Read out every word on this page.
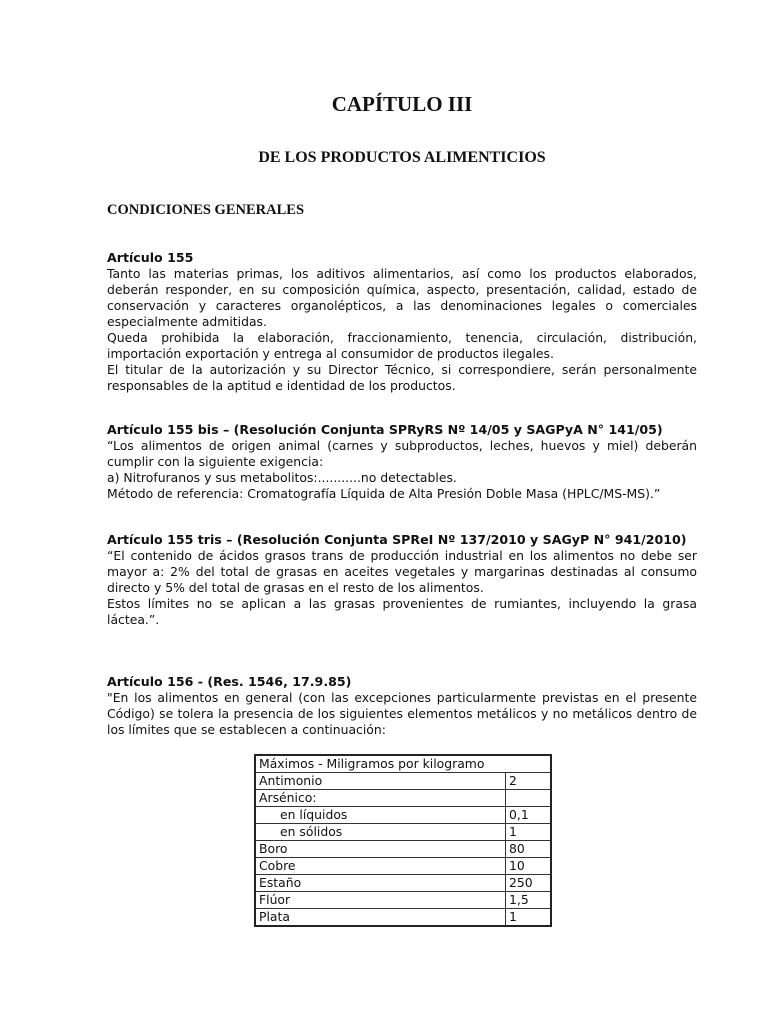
CAPÍTULO III
DE LOS PRODUCTOS ALIMENTICIOS
CONDICIONES GENERALES
Artículo 155

Tanto las materias primas, los aditivos alimentarios, así como los productos elaborados, deberán responder, en su composición química, aspecto, presentación, calidad, estado de conservación y caracteres organolépticos, a las denominaciones legales o comerciales especialmente admitidas.

Queda prohibida la elaboración, fraccionamiento, tenencia, circulación, distribución, importación exportación y entrega al consumidor de productos ilegales.

El titular de la autorización y su Director Técnico, si correspondiere, serán personalmente responsables de la aptitud e identidad de los productos.

Artículo 155 bis – (Resolución Conjunta SPRyRS Nº 14/05 y SAGPyA N° 141/05)

“Los alimentos de origen animal (carnes y subproductos, leches, huevos y miel) deberán cumplir con la siguiente exigencia:

a) Nitrofuranos y sus metabolitos:...........no detectables.

Método de referencia: Cromatografía Líquida de Alta Presión Doble Masa (HPLC/MS-MS).”

Artículo 155 tris – (Resolución Conjunta SPReI Nº 137/2010 y SAGyP N° 941/2010)

“El contenido de ácidos grasos trans de producción industrial en los alimentos no debe ser mayor a: 2% del total de grasas en aceites vegetales y margarinas destinadas al consumo directo y 5% del total de grasas en el resto de los alimentos.

Estos límites no se aplican a las grasas provenientes de rumiantes, incluyendo la grasa láctea.”.

Artículo 156 - (Res. 1546, 17.9.85)

"En los alimentos en general (con las excepciones particularmente previstas en el presente Código) se tolera la presencia de los siguientes elementos metálicos y no metálicos dentro de los límites que se establecen a continuación:

Máximos - Miligramos por kilogramo	
Antimonio	2
Arsénico:	
en líquidos	0,1
en sólidos	1
Boro	80
Cobre	10
Estaño	250
Flúor	1,5
Plata	1
